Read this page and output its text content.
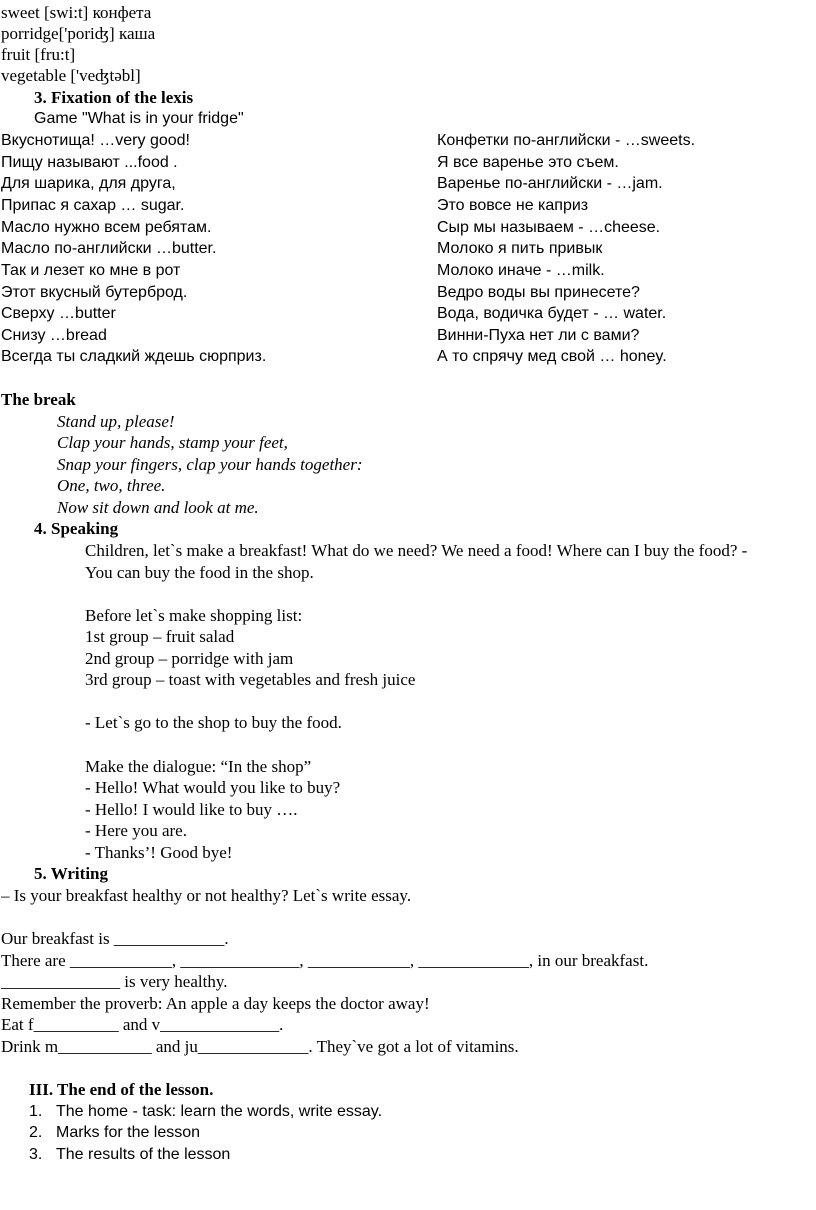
sweet [swi:t] конфета
porridge['poriʤ] каша
fruit [fru:t]
vegetable ['veʤtəbl]
3. Fixation of the lexis
Game "What is in your fridge"
Вкуснотища! …very good!
Пищу называют ...food .
Для шарика, для друга,
Припас я сахар … sugar.
Масло нужно всем ребятам.
Масло по-английски …butter.
Так и лезет ко мне в рот
Этот вкусный бутерброд.
Сверху …butter
Снизу …bread
Всегда ты сладкий ждешь сюрприз.
Конфетки по-английски - …sweets.
Я все варенье это съем.
Варенье по-английски - …jam.
Это вовсе не каприз
Сыр мы называем - …cheese.
Молоко я пить привык
Молоко иначе - …milk.
Ведро воды вы принесете?
Вода, водичка будет - … water.
Винни-Пуха нет ли с вами?
А то спрячу мед свой … honey.
The break
Stand up, please!
Clap your hands, stamp your feet,
Snap your fingers, clap your hands together:
One, two, three.
Now sit down and look at me.
4. Speaking
Children, let`s make a breakfast! What do we need? We need a food! Where can I buy the food? -
You can buy the food in the shop.
Before let`s make shopping list:
1st group – fruit salad
2nd group – porridge with jam
3rd group – toast with vegetables and fresh juice
- Let`s go to the shop to buy the food.
Make the dialogue: “In the shop”
- Hello! What would you like to buy?
- Hello! I would like to buy ….
- Here you are.
- Thanks’! Good bye!
5. Writing
– Is your breakfast healthy or not healthy? Let`s write essay.
Our breakfast is _____________.
There are ____________, ______________, ____________, _____________, in our breakfast.
______________ is very healthy.
Remember the proverb: An apple a day keeps the doctor away!
Eat f__________ and v______________.
Drink m___________ and ju_____________. They`ve got a lot of vitamins.
III. The end of the lesson.
1. The home - task: learn the words, write essay.
2. Marks for the lesson
3. The results of the lesson
